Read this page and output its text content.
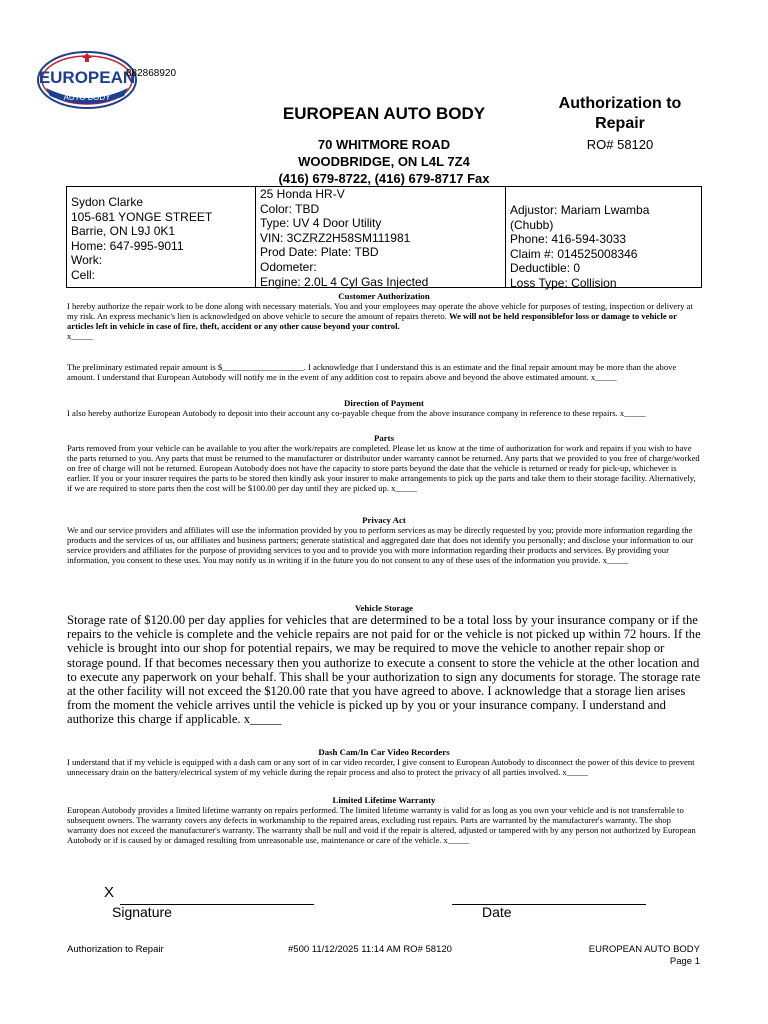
EUROPEAN
AUTO BODY
882868920
EUROPEAN AUTO BODY
70 WHITMORE ROAD
WOODBRIDGE, ON L4L 7Z4
(416) 679-8722, (416) 679-8717 Fax
Authorization to
Repair
RO# 58120
Sydon Clarke
105-681 YONGE STREET
Barrie, ON L9J 0K1
Home: 647-995-9011
Work:
Cell:
25 Honda HR-V
Color: TBD
Type: UV 4 Door Utility
VIN: 3CZRZ2H58SM111981
Prod Date: Plate: TBD
Odometer:
Engine: 2.0L 4 Cyl Gas Injected
Adjustor: Mariam Lwamba
(Chubb)
Phone: 416-594-3033
Claim #: 014525008346
Deductible: 0
Loss Type: Collision

Customer Authorization

I hereby authorize the repair work to be done along with necessary materials. You and your employees may operate the above vehicle for purposes of testing, inspection or delivery at my risk. An express mechanic's lien is acknowledged on above vehicle to secure the amount of repairs thereto. We will not be held responsiblefor loss or damage to vehicle or articles left in vehicle in case of fire, theft, accident or any other cause beyond your control.

x_____

The preliminary estimated repair amount is $___________________. I acknowledge that I understand this is an estimate and the final repair amount may be more than the above amount. I understand that European Autobody will notify me in the event of any addition cost to repairs above and beyond the above estimated amount. x_____

Direction of Payment

I also hereby authorize European Autobody to deposit into their account any co-payable cheque from the above insurance company in reference to these repairs. x_____

Parts

Parts removed from your vehicle can be available to you after the work/repairs are completed. Please let us know at the time of authorization for work and repairs if you wish to have the parts returned to you. Any parts that must be returned to the manufacturer or distributor under warranty cannot be returned. Any parts that we provided to you free of charge/worked on free of charge will not be returned. European Autobody does not have the capacity to store parts beyond the date that the vehicle is returned or ready for pick-up, whichever is earlier. If you or your insurer requires the parts to be stored then kindly ask your insurer to make arrangements to pick up the parts and take them to their storage facility. Alternatively, if we are required to store parts then the cost will be $100.00 per day until they are picked up. x_____

Privacy Act

We and our service providers and affiliates will use the information provided by you to perform services as may be directly requested by you; provide more information regarding the products and the services of us, our affiliates and business partners; generate statistical and aggregated date that does not identify you personally; and disclose your information to our service providers and affiliates for the purpose of providing services to you and to provide you with more information regarding their products and services. By providing your information, you consent to these uses. You may notify us in writing if in the future you do not consent to any of these uses of the information you provide. x_____

Vehicle Storage

Storage rate of $120.00 per day applies for vehicles that are determined to be a total loss by your insurance company or if the repairs to the vehicle is complete and the vehicle repairs are not paid for or the vehicle is not picked up within 72 hours. If the vehicle is brought into our shop for potential repairs, we may be required to move the vehicle to another repair shop or storage pound. If that becomes necessary then you authorize to execute a consent to store the vehicle at the other location and to execute any paperwork on your behalf. This shall be your authorization to sign any documents for storage. The storage rate at the other facility will not exceed the $120.00 rate that you have agreed to above. I acknowledge that a storage lien arises from the moment the vehicle arrives until the vehicle is picked up by you or your insurance company. I understand and authorize this charge if applicable. x_____

Dash Cam/In Car Video Recorders

I understand that if my vehicle is equipped with a dash cam or any sort of in car video recorder, I give consent to European Autobody to disconnect the power of this device to prevent unnecessary drain on the battery/electrical system of my vehicle during the repair process and also to protect the privacy of all parties involved. x_____

Limited Lifetime Warranty

European Autobody provides a limited lifetime warranty on repairs performed. The limited lifetime warranty is valid for as long as you own your vehicle and is not transferrable to subsequent owners. The warranty covers any defects in workmanship to the repaired areas, excluding rust repairs. Parts are warranted by the manufacturer's warranty. The shop warranty does not exceed the manufacturer's warranty. The warranty shall be null and void if the repair is altered, adjusted or tampered with by any person not authorized by European Autobody or if is caused by or damaged resulting from unreasonable use, maintenance or care of the vehicle. x_____

X
Signature	Date
Authorization to Repair	#500 11/12/2025 11:14 AM RO# 58120	EUROPEAN AUTO BODY
Page 1
